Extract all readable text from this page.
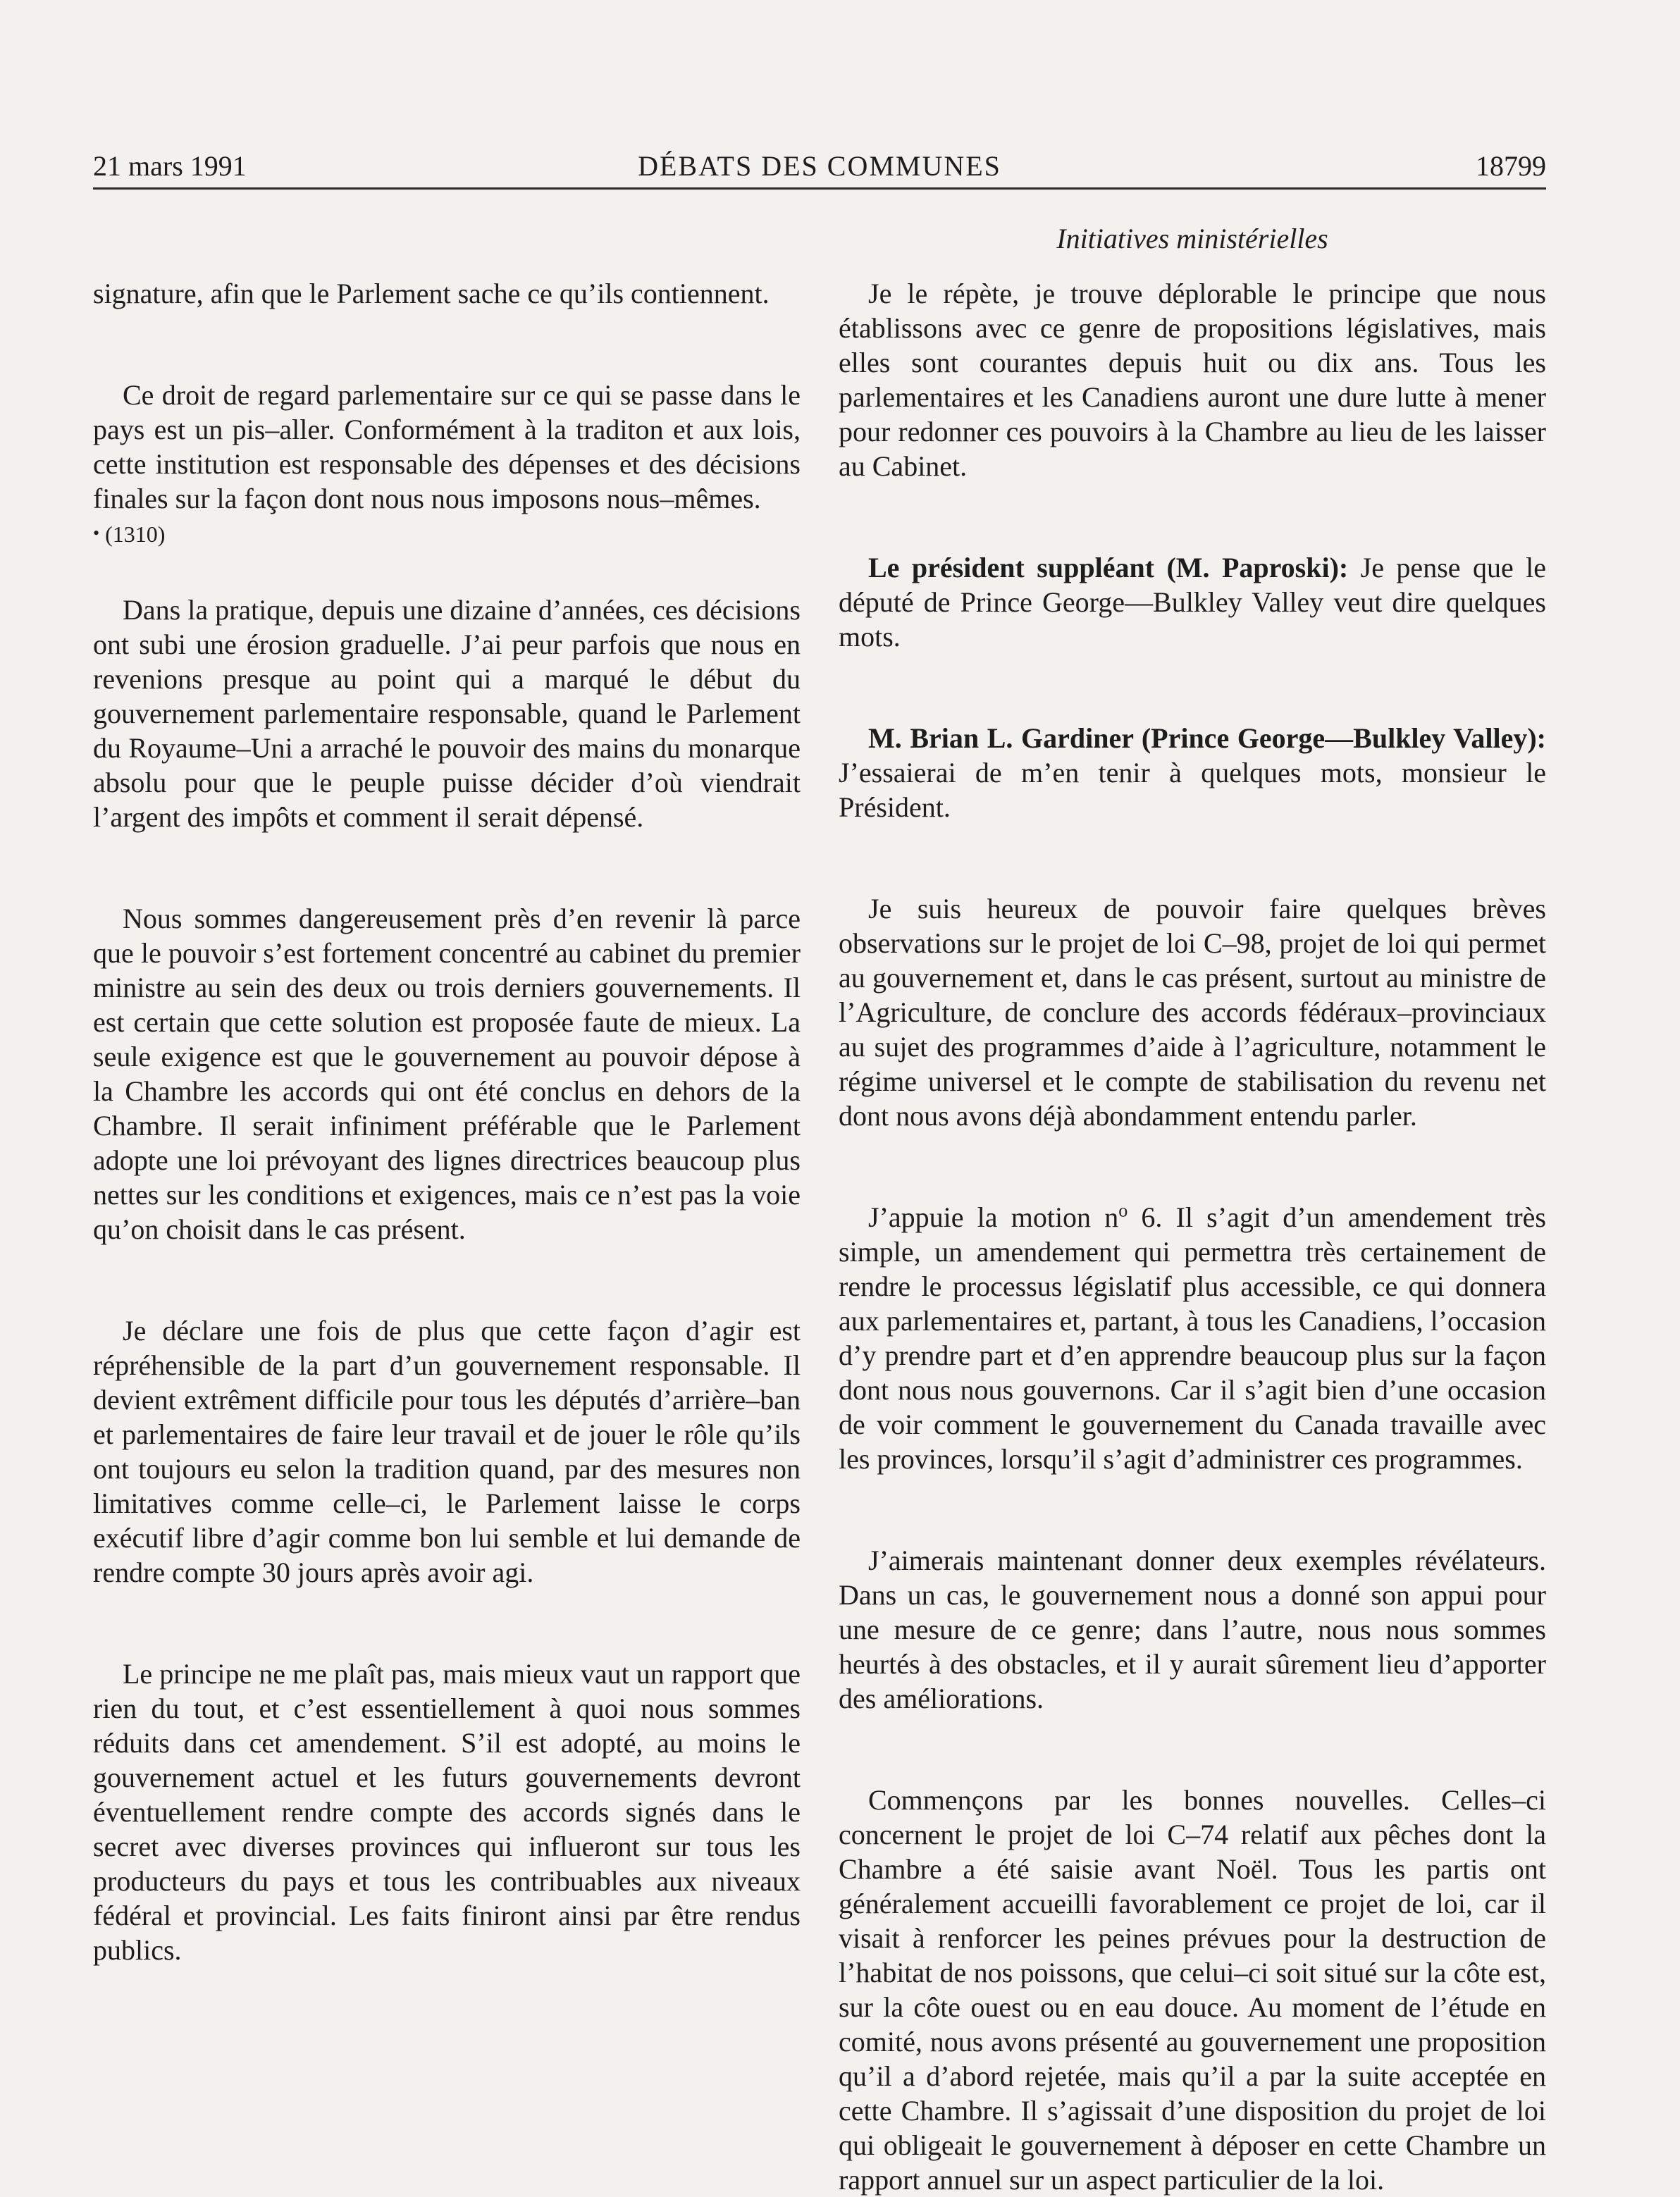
21 mars 1991	DÉBATS DES COMMUNES	18799
Initiatives ministérielles

signature, afin que le Parlement sache ce qu’ils contiennent.

Ce droit de regard parlementaire sur ce qui se passe dans le pays est un pis–aller. Conformément à la traditon et aux lois, cette institution est responsable des dépenses et des décisions finales sur la façon dont nous nous imposons nous–mêmes.

• (1310)

Dans la pratique, depuis une dizaine d’années, ces décisions ont subi une érosion graduelle. J’ai peur parfois que nous en revenions presque au point qui a marqué le début du gouvernement parlementaire responsable, quand le Parlement du Royaume–Uni a arraché le pouvoir des mains du monarque absolu pour que le peuple puisse décider d’où viendrait l’argent des impôts et comment il serait dépensé.

Nous sommes dangereusement près d’en revenir là parce que le pouvoir s’est fortement concentré au cabinet du premier ministre au sein des deux ou trois derniers gouvernements. Il est certain que cette solution est proposée faute de mieux. La seule exigence est que le gouvernement au pouvoir dépose à la Chambre les accords qui ont été conclus en dehors de la Chambre. Il serait infiniment préférable que le Parlement adopte une loi prévoyant des lignes directrices beaucoup plus nettes sur les conditions et exigences, mais ce n’est pas la voie qu’on choisit dans le cas présent.

Je déclare une fois de plus que cette façon d’agir est répréhensible de la part d’un gouvernement responsable. Il devient extrêment difficile pour tous les députés d’arrière–ban et parlementaires de faire leur travail et de jouer le rôle qu’ils ont toujours eu selon la tradition quand, par des mesures non limitatives comme celle–ci, le Parlement laisse le corps exécutif libre d’agir comme bon lui semble et lui demande de rendre compte 30 jours après avoir agi.

Le principe ne me plaît pas, mais mieux vaut un rapport que rien du tout, et c’est essentiellement à quoi nous sommes réduits dans cet amendement. S’il est adopté, au moins le gouvernement actuel et les futurs gouvernements devront éventuellement rendre compte des accords signés dans le secret avec diverses provinces qui influeront sur tous les producteurs du pays et tous les contribuables aux niveaux fédéral et provincial. Les faits finiront ainsi par être rendus publics.

Je le répète, je trouve déplorable le principe que nous établissons avec ce genre de propositions législatives, mais elles sont courantes depuis huit ou dix ans. Tous les parlementaires et les Canadiens auront une dure lutte à mener pour redonner ces pouvoirs à la Chambre au lieu de les laisser au Cabinet.

Le président suppléant (M. Paproski): Je pense que le député de Prince George—Bulkley Valley veut dire quelques mots.

M. Brian L. Gardiner (Prince George—Bulkley Valley): J’essaierai de m’en tenir à quelques mots, monsieur le Président.

Je suis heureux de pouvoir faire quelques brèves observations sur le projet de loi C–98, projet de loi qui permet au gouvernement et, dans le cas présent, surtout au ministre de l’Agriculture, de conclure des accords fédéraux–provinciaux au sujet des programmes d’aide à l’agriculture, notamment le régime universel et le compte de stabilisation du revenu net dont nous avons déjà abondamment entendu parler.

J’appuie la motion $n^o$ 6. Il s’agit d’un amendement très simple, un amendement qui permettra très certainement de rendre le processus législatif plus accessible, ce qui donnera aux parlementaires et, partant, à tous les Canadiens, l’occasion d’y prendre part et d’en apprendre beaucoup plus sur la façon dont nous nous gouvernons. Car il s’agit bien d’une occasion de voir comment le gouvernement du Canada travaille avec les provinces, lorsqu’il s’agit d’administrer ces programmes.

J’aimerais maintenant donner deux exemples révélateurs. Dans un cas, le gouvernement nous a donné son appui pour une mesure de ce genre; dans l’autre, nous nous sommes heurtés à des obstacles, et il y aurait sûrement lieu d’apporter des améliorations.

Commençons par les bonnes nouvelles. Celles–ci concernent le projet de loi C–74 relatif aux pêches dont la Chambre a été saisie avant Noël. Tous les partis ont généralement accueilli favorablement ce projet de loi, car il visait à renforcer les peines prévues pour la destruction de l’habitat de nos poissons, que celui–ci soit situé sur la côte est, sur la côte ouest ou en eau douce. Au moment de l’étude en comité, nous avons présenté au gouvernement une proposition qu’il a d’abord rejetée, mais qu’il a par la suite acceptée en cette Chambre. Il s’agissait d’une disposition du projet de loi qui obligeait le gouvernement à déposer en cette Chambre un rapport annuel sur un aspect particulier de la loi.
